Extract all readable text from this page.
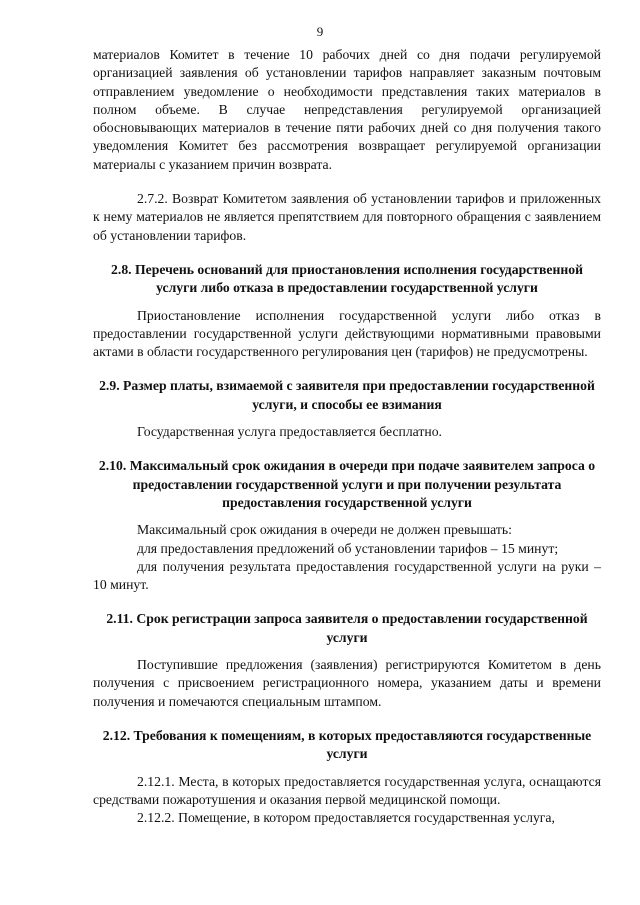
9

материалов Комитет в течение 10 рабочих дней со дня подачи регулируемой организацией заявления об установлении тарифов направляет заказным почтовым отправлением уведомление о необходимости представления таких материалов в полном объеме. В случае непредставления регулируемой организацией обосновывающих материалов в течение пяти рабочих дней со дня получения такого уведомления Комитет без рассмотрения возвращает регулируемой организации материалы с указанием причин возврата.

2.7.2. Возврат Комитетом заявления об установлении тарифов и приложенных к нему материалов не является препятствием для повторного обращения с заявлением об установлении тарифов.

2.8. Перечень оснований для приостановления исполнения государственной услуги либо отказа в предоставлении государственной услуги

Приостановление исполнения государственной услуги либо отказ в предоставлении государственной услуги действующими нормативными правовыми актами в области государственного регулирования цен (тарифов) не предусмотрены.

2.9. Размер платы, взимаемой с заявителя при предоставлении государственной услуги, и способы ее взимания

Государственная услуга предоставляется бесплатно.

2.10. Максимальный срок ожидания в очереди при подаче заявителем запроса о предоставлении государственной услуги и при получении результата предоставления государственной услуги

Максимальный срок ожидания в очереди не должен превышать:

для предоставления предложений об установлении тарифов – 15 минут;

для получения результата предоставления государственной услуги на руки – 10 минут.

2.11. Срок регистрации запроса заявителя о предоставлении государственной услуги

Поступившие предложения (заявления) регистрируются Комитетом в день получения с присвоением регистрационного номера, указанием даты и времени получения и помечаются специальным штампом.

2.12. Требования к помещениям, в которых предоставляются государственные услуги

2.12.1. Места, в которых предоставляется государственная услуга, оснащаются средствами пожаротушения и оказания первой медицинской помощи.

2.12.2. Помещение, в котором предоставляется государственная услуга,
